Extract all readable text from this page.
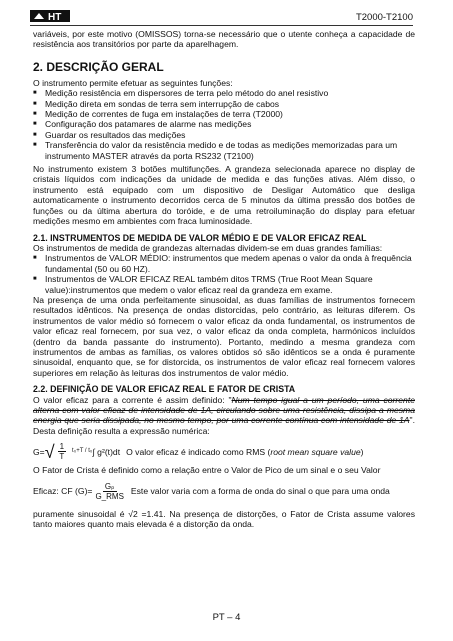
HT	T2000-T2100

variáveis, por este motivo (OMISSOS) torna-se necessário que o utente conheça a capacidade de resistência aos transitórios por parte da aparelhagem.

2. DESCRIÇÃO GERAL

O instrumento permite efetuar as seguintes funções:

■ Medição resistência em dispersores de terra pelo método do anel resistivo
■ Medição direta em sondas de terra sem interrupção de cabos
■ Medição de correntes de fuga em instalações de terra (T2000)
■ Configuração dos patamares de alarme nas medições
■ Guardar os resultados das medições
■ Transferência do valor da resistência medido e de todas as medições memorizadas para um instrumento MASTER através da porta RS232 (T2100)

No instrumento existem 3 botões multifunções. A grandeza selecionada aparece no display de cristais líquidos com indicações da unidade de medida e das funções ativas. Além disso, o instrumento está equipado com um dispositivo de Desligar Automático que desliga automaticamente o instrumento decorridos cerca de 5 minutos da última pressão dos botões de funções ou da última abertura do toróide, e de uma retroiluminação do display para efetuar medições mesmo em ambientes com fraca luminosidade.

2.1. INSTRUMENTOS DE MEDIDA DE VALOR MÉDIO E DE VALOR EFICAZ REAL

Os instrumentos de medida de grandezas alternadas dividem-se em duas grandes famílias:

■ Instrumentos de VALOR MÉDIO: instrumentos que medem apenas o valor da onda à frequência fundamental (50 ou 60 HZ).
■ Instrumentos de VALOR EFICAZ REAL também ditos TRMS (True Root Mean Square value):instrumentos que medem o valor eficaz real da grandeza em exame.

Na presença de uma onda perfeitamente sinusoidal, as duas famílias de instrumentos fornecem resultados idênticos. Na presença de ondas distorcidas, pelo contrário, as leituras diferem. Os instrumentos de valor médio só fornecem o valor eficaz da onda fundamental, os instrumentos de valor eficaz real fornecem, por sua vez, o valor eficaz da onda completa, harmónicos incluídos (dentro da banda passante do instrumento). Portanto, medindo a mesma grandeza com instrumentos de ambas as famílias, os valores obtidos só são idênticos se a onda é puramente sinusoidal, enquanto que, se for distorcida, os instrumentos de valor eficaz real fornecem valores superiores em relação às leituras dos instrumentos de valor médio.

2.2. DEFINIÇÃO DE VALOR EFICAZ REAL E FATOR DE CRISTA

O valor eficaz para a corrente é assim definido: "Num tempo igual a um período, uma corrente alterna com valor eficaz de intensidade de 1A, circulando sobre uma resistência, dissipa a mesma energia que seria dissipada, no mesmo tempo, por uma corrente contínua com intensidade de 1A". Desta definição resulta a expressão numérica:

G= √ $\frac{1}{T} t_0+T / t_0$ ∫ g²(t)dt O valor eficaz é indicado como RMS (root mean square value)

O Fator de Crista é definido como a relação entre o Valor de Pico de um sinal e o seu Valor

Eficaz: CF $(G)= \frac{\text{Gₚ}}{\text{G\_RMS}}$ Este valor varia com a forma de onda do sinal o que para uma onda

puramente sinusoidal é √2 =1.41. Na presença de distorções, o Fator de Crista assume valores tanto maiores quanto mais elevada é a distorção da onda.

PT – 4
